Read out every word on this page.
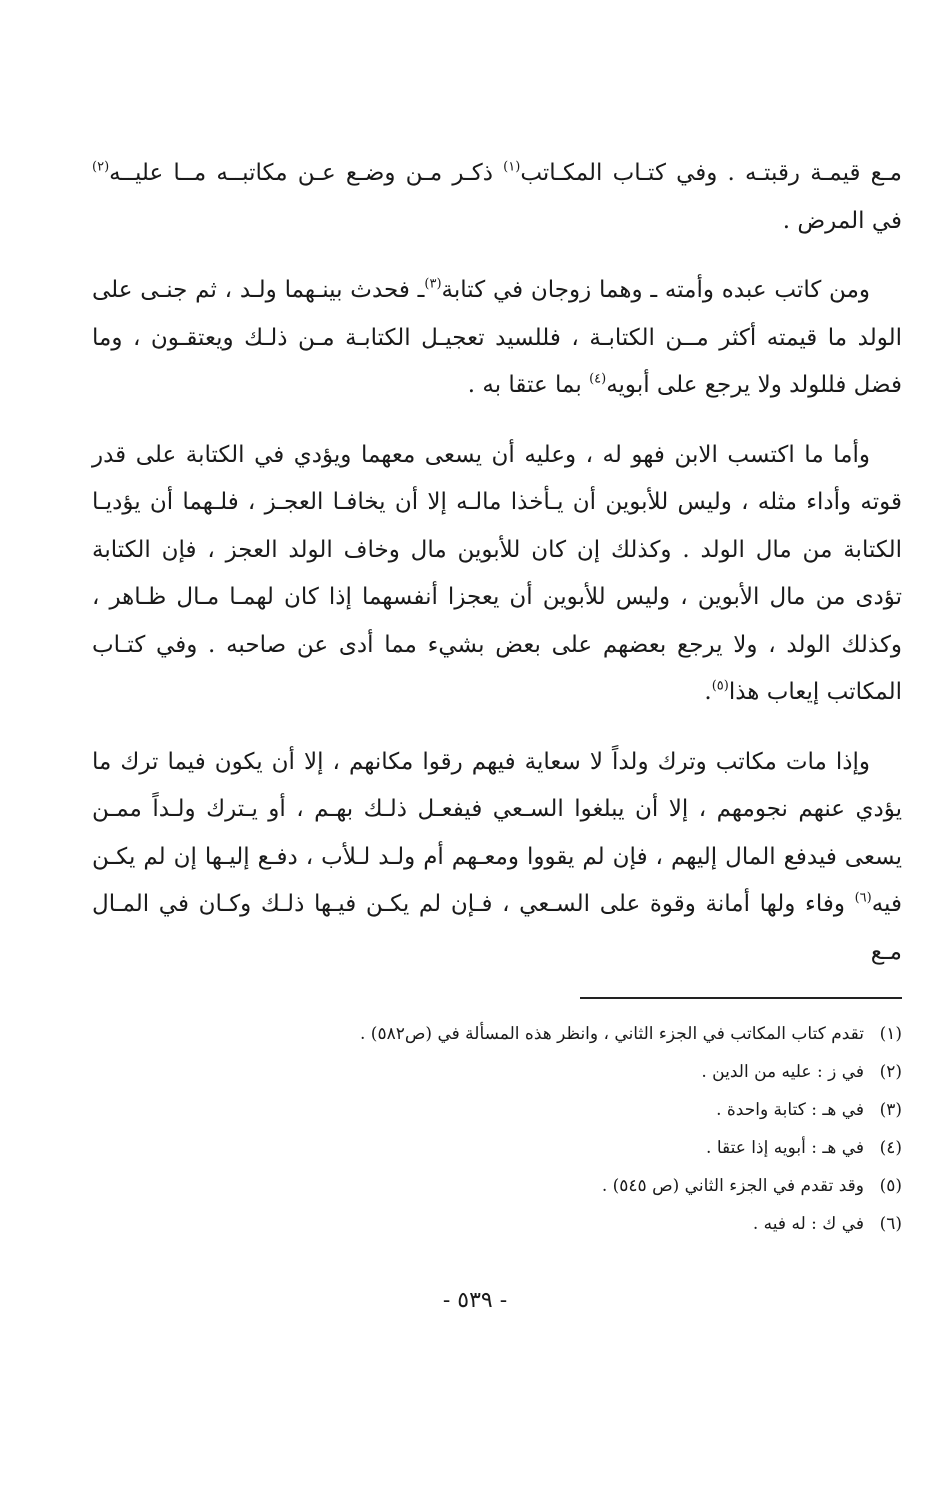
مـع قيمـة رقبتـه . وفي كتـاب المكـاتب$^{(١)}$ ذكـر مـن وضـع عـن مكاتبــه مــا عليــه$^{(٢)}$ في المرض .

ومن كاتب عبده وأمته ـ وهما زوجان في كتابة$^{(٣)}$ـ فحدث بينـهما ولـد ، ثم جنـى على الولد ما قيمته أكثر مــن الكتابـة ، فللسيد تعجيـل الكتابـة مـن ذلـك ويعتقـون ، وما فضل فللولد ولا يرجع على أبويه$^{(٤)}$ بما عتقا به .

وأما ما اكتسب الابن فهو له ، وعليه أن يسعى معهما ويؤدي في الكتابة على قدر قوته وأداء مثله ، وليس للأبوين أن يـأخذا مالـه إلا أن يخافـا العجـز ، فلـهما أن يؤديـا الكتابة من مال الولد . وكذلك إن كان للأبوين مال وخاف الولد العجز ، فإن الكتابة تؤدى من مال الأبوين ، وليس للأبوين أن يعجزا أنفسهما إذا كان لهمـا مـال ظـاهر ، وكذلك الولد ، ولا يرجع بعضهم على بعض بشيء مما أدى عن صاحبه . وفي كتـاب المكاتب إيعاب هذا$^{(٥)}$.

وإذا مات مكاتب وترك ولداً لا سعاية فيهم رقوا مكانهم ، إلا أن يكون فيما ترك ما يؤدي عنهم نجومهم ، إلا أن يبلغوا السـعي فيفعـل ذلـك بهـم ، أو يـترك ولـداً ممـن يسعى فيدفع المال إليهم ، فإن لم يقووا ومعـهم أم ولـد لـلأب ، دفـع إليـها إن لم يكـن فيه$^{(٦)}$ وفاء ولها أمانة وقوة على السـعي ، فـإن لم يكـن فيـها ذلـك وكـان في المـال مـع

(١)تقدم كتاب المكاتب في الجزء الثاني ، وانظر هذه المسألة في (ص٥٨٢) .
(٢)في ز : عليه من الدين .
(٣)في هـ : كتابة واحدة .
(٤)في هـ : أبويه إذا عتقا .
(٥)وقد تقدم في الجزء الثاني (ص ٥٤٥) .
(٦)في ك : له فيه .
- ٥٣٩ -
